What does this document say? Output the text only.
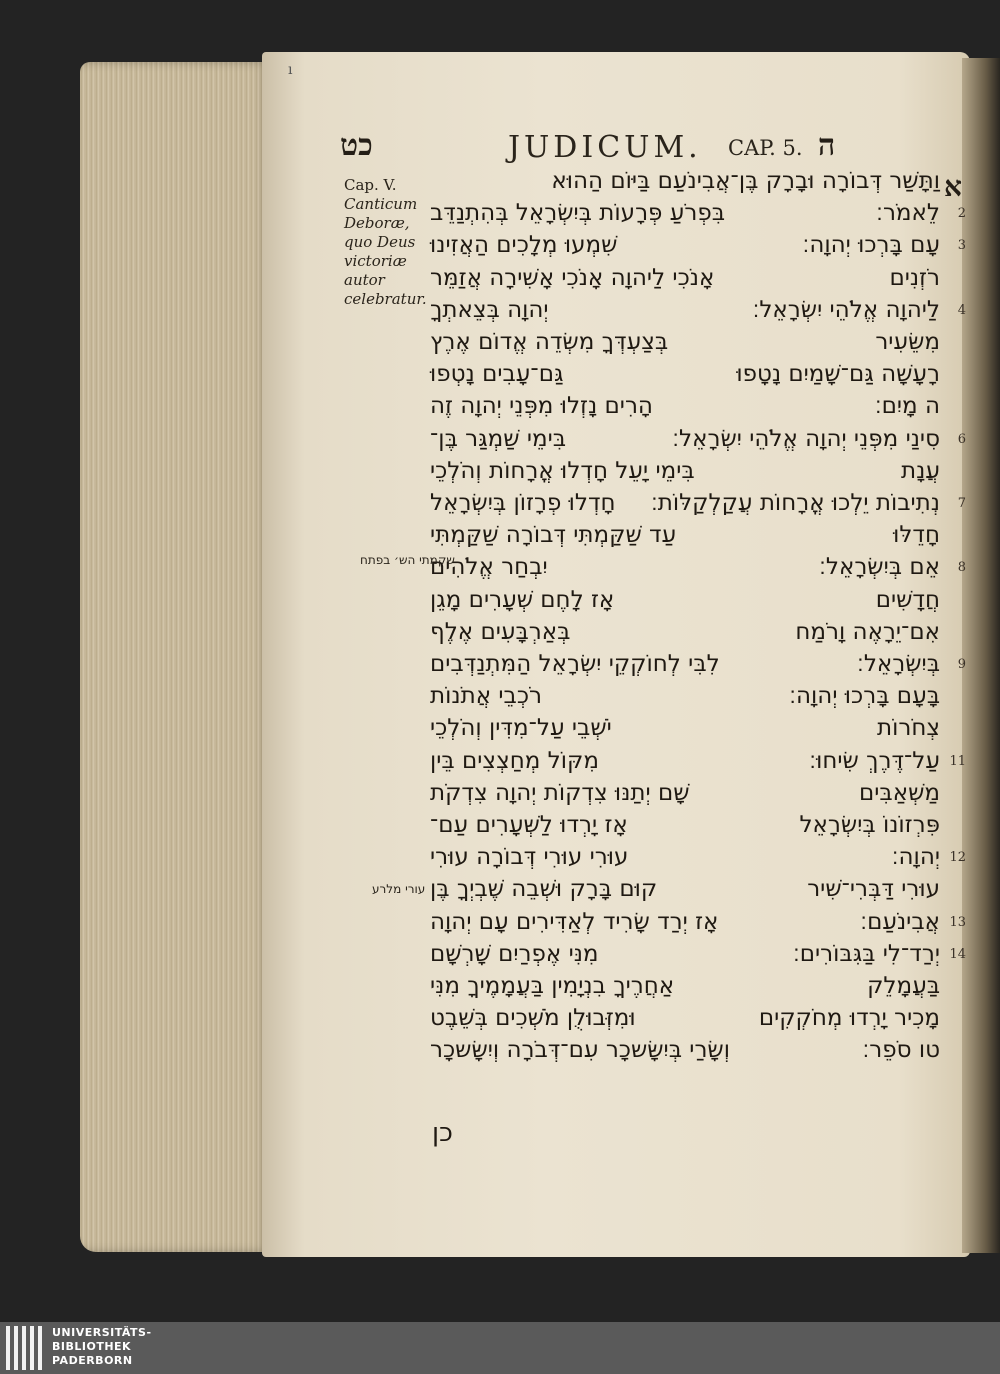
ı
כט	JUDICUM. CAP. 5. ה
Cap. V. Canticum Deboræ, quo Deus victoriæ autor celebratur.
א
וַתָּשַׁר דְּבוֹרָה וּבָרָק בֶּן־אֲבִינֹעַם בַּיּוֹם הַהוּא
2
לֵאמֹר׃
בִּפְרֹעַ פְּרָעוֹת בְּיִשְׂרָאֵל בְּהִתְנַדֵּב
3
עָם בָּרְכוּ יְהוָה׃
שִׁמְעוּ מְלָכִים הַאֲזִינוּ
רֹזְנִים
אָנֹכִי לַיהוָה אָנֹכִי אָשִׁירָה אֲזַמֵּר
4
לַיהוָה אֱלֹהֵי יִשְׂרָאֵל׃
יְהוָה בְּצֵאתְךָ
מִשֵּׂעִיר
בְּצַעְדְּךָ מִשְּׂדֵה אֱדוֹם אֶרֶץ
רָעָשָׁה גַּם־שָׁמַיִם נָטָפוּ
גַּם־עָבִים נָטְפוּ
ה מָיִם׃
הָרִים נָזְלוּ מִפְּנֵי יְהוָה זֶה
6
סִינַי מִפְּנֵי יְהוָה אֱלֹהֵי יִשְׂרָאֵל׃
בִּימֵי שַׁמְגַּר בֶּן־
עֲנָת
בִּימֵי יָעֵל חָדְלוּ אֳרָחוֹת וְהֹלְכֵי
7
נְתִיבוֹת יֵלְכוּ אֳרָחוֹת עֲקַלְקַלּוֹת׃
חָדְלוּ פְרָזוֹן בְּיִשְׂרָאֵל
חָדֵלּוּ
עַד שַׁקַּמְתִּי דְּבוֹרָה שַׁקַּמְתִּי
8
אֵם בְּיִשְׂרָאֵל׃
יִבְחַר אֱלֹהִים
חֲדָשִׁים
אָז לָחֶם שְׁעָרִים מָגֵן
אִם־יֵרָאֶה וָרֹמַח
בְּאַרְבָּעִים אֶלֶף
9
בְּיִשְׂרָאֵל׃
לִבִּי לְחוֹקְקֵי יִשְׂרָאֵל הַמִּתְנַדְּבִים
בָּעָם בָּרְכוּ יְהוָה׃
רֹכְבֵי אֲתֹנוֹת
צְחֹרוֹת
יֹשְׁבֵי עַל־מִדִּין וְהֹלְכֵי
11
עַל־דֶּרֶךְ שִׂיחוּ׃
מִקּוֹל מְחַצְצִים בֵּין
מַשְׁאַבִּים
שָׁם יְתַנּוּ צִדְקוֹת יְהוָה צִדְקֹת
פִּרְזוֹנוֹ בְּיִשְׂרָאֵל
אָז יָרְדוּ לַשְּׁעָרִים עַם־
12
יְהוָה׃
עוּרִי עוּרִי דְּבוֹרָה עוּרִי
עוּרִי דַּבְּרִי־שִׁיר
קוּם בָּרָק וּשְׁבֵה שֶׁבְיְךָ בֶּן
13
אֲבִינֹעַם׃
אָז יְרַד שָׂרִיד לְאַדִּירִים עָם יְהוָה
14
יְרַד־לִי בַּגִּבּוֹרִים׃
מִנִּי אֶפְרַיִם שָׁרְשָׁם
בַּעֲמָלֵק
אַחֲרֶיךָ בִנְיָמִין בַּעֲמָמֶיךָ מִנִּי
מָכִיר יָרְדוּ מְחֹקְקִים
וּמִזְּבוּלֻן מֹשְׁכִים בְּשֵׁבֶט
טו סֹפֵר׃
וְשָׂרַי בְּיִשָּׂשכָר עִם־דְּבֹרָה וְיִשָּׂשכָר
שקמתי הש׳ בפתח
עורי מלרע
כן
UNIVERSITÄTS-
BIBLIOTHEK
PADERBORN
